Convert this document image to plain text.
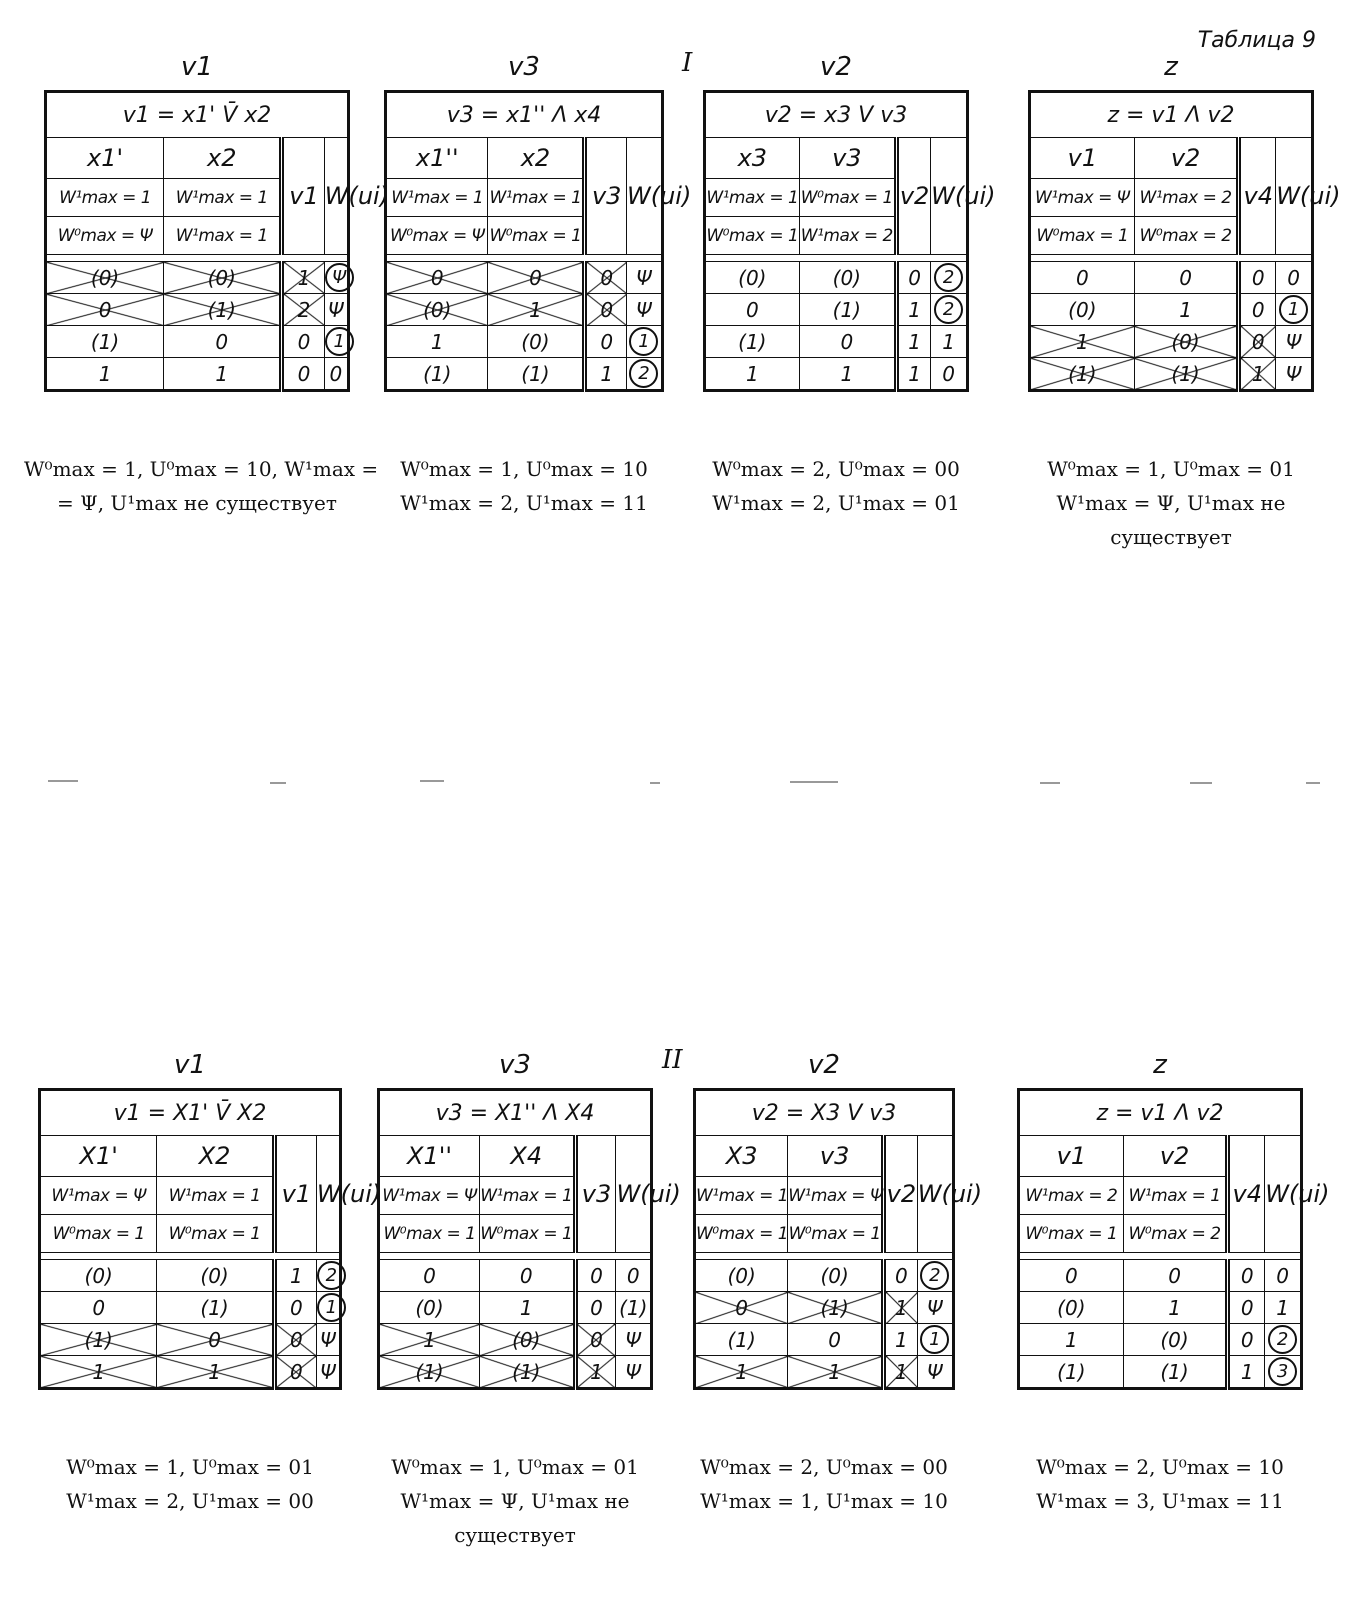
Таблица 9
I
v1
v1 = x1' V̄ x2			
x1'	x2	v1	W(ui)
W¹max = 1	W¹max = 1		
W⁰max = Ψ	W¹max = 1		

(0)	(0)	1	Ψ
0	(1)	2	Ψ
(1)	0	0	1
1	1	0	0
W⁰max = 1, U⁰max = 10, W¹max =
= Ψ, U¹max не существует
v3
v3 = x1'' Λ x4			
x1''	x2	v3	W(ui)
W¹max = 1	W¹max = 1		
W⁰max = Ψ	W⁰max = 1		

0	0	0	Ψ
(0)	1	0	Ψ
1	(0)	0	1
(1)	(1)	1	2
W⁰max = 1, U⁰max = 10
W¹max = 2, U¹max = 11
v2
v2 = x3 V v3			
x3	v3	v2	W(ui)
W¹max = 1	W⁰max = 1		
W⁰max = 1	W¹max = 2		

(0)	(0)	0	2
0	(1)	1	2
(1)	0	1	1
1	1	1	0
W⁰max = 2, U⁰max = 00
W¹max = 2, U¹max = 01
z
z = v1 Λ v2			
v1	v2	v4	W(ui)
W¹max = Ψ	W¹max = 2		
W⁰max = 1	W⁰max = 2		

0	0	0	0
(0)	1	0	1
1	(0)	0	Ψ
(1)	(1)	1	Ψ
W⁰max = 1, U⁰max = 01
W¹max = Ψ, U¹max не
существует
II
v1
v1 = X1' V̄ X2			
X1'	X2	v1	W(ui)
W¹max = Ψ	W¹max = 1		
W⁰max = 1	W⁰max = 1		

(0)	(0)	1	2
0	(1)	0	1
(1)	0	0	Ψ
1	1	0	Ψ
W⁰max = 1, U⁰max = 01
W¹max = 2, U¹max = 00
v3
v3 = X1'' Λ X4			
X1''	X4	v3	W(ui)
W¹max = Ψ	W¹max = 1		
W⁰max = 1	W⁰max = 1		

0	0	0	0
(0)	1	0	(1)
1	(0)	0	Ψ
(1)	(1)	1	Ψ
W⁰max = 1, U⁰max = 01
W¹max = Ψ, U¹max не
существует
v2
v2 = X3 V v3			
X3	v3	v2	W(ui)
W¹max = 1	W¹max = Ψ		
W⁰max = 1	W⁰max = 1		

(0)	(0)	0	2
0	(1)	1	Ψ
(1)	0	1	1
1	1	1	Ψ
W⁰max = 2, U⁰max = 00
W¹max = 1, U¹max = 10
z
z = v1 Λ v2			
v1	v2	v4	W(ui)
W¹max = 2	W¹max = 1		
W⁰max = 1	W⁰max = 2		

0	0	0	0
(0)	1	0	1
1	(0)	0	2
(1)	(1)	1	3
W⁰max = 2, U⁰max = 10
W¹max = 3, U¹max = 11
